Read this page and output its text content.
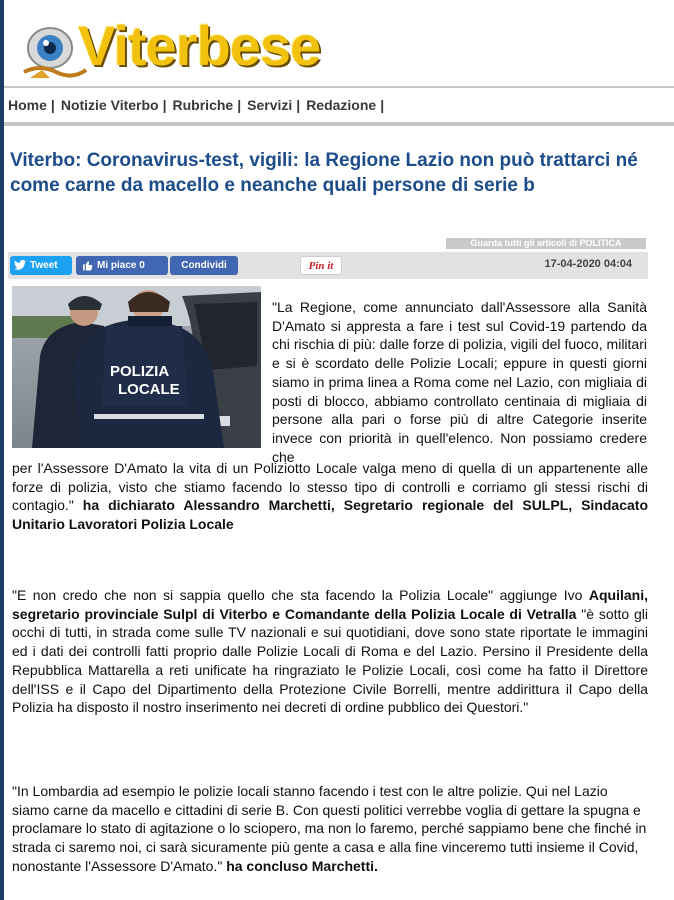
Viterbese
Home | Notizie Viterbo | Rubriche | Servizi | Redazione |
Viterbo: Coronavirus-test, vigili: la Regione Lazio non può trattarci né come carne da macello e neanche quali persone di serie b
Guarda tutti gli articoli di POLITICA
Tweet	Mi piace 0	Condividi	Pin it	17-04-2020 04:04
POLIZIA
LOCALE

"La Regione, come annunciato dall'Assessore alla Sanità D'Amato si appresta a fare i test sul Covid-19 partendo da chi rischia di più: dalle forze di polizia, vigili del fuoco, militari e si è scordato delle Polizie Locali; eppure in questi giorni siamo in prima linea a Roma come nel Lazio, con migliaia di posti di blocco, abbiamo controllato centinaia di migliaia di persone alla pari o forse più di altre Categorie inserite invece con priorità in quell'elenco. Non possiamo credere che

per l'Assessore D'Amato la vita di un Poliziotto Locale valga meno di quella di un appartenente alle forze di polizia, visto che stiamo facendo lo stesso tipo di controlli e corriamo gli stessi rischi di contagio." ha dichiarato Alessandro Marchetti, Segretario regionale del SULPL, Sindacato Unitario Lavoratori Polizia Locale

"E non credo che non si sappia quello che sta facendo la Polizia Locale" aggiunge Ivo Aquilani, segretario provinciale Sulpl di Viterbo e Comandante della Polizia Locale di Vetralla "è sotto gli occhi di tutti, in strada come sulle TV nazionali e sui quotidiani, dove sono state riportate le immagini ed i dati dei controlli fatti proprio dalle Polizie Locali di Roma e del Lazio. Persino il Presidente della Repubblica Mattarella a reti unificate ha ringraziato le Polizie Locali, così come ha fatto il Direttore dell'ISS e il Capo del Dipartimento della Protezione Civile Borrelli, mentre addirittura il Capo della Polizia ha disposto il nostro inserimento nei decreti di ordine pubblico dei Questori."

"In Lombardia ad esempio le polizie locali stanno facendo i test con le altre polizie. Qui nel Lazio siamo carne da macello e cittadini di serie B. Con questi politici verrebbe voglia di gettare la spugna e proclamare lo stato di agitazione o lo sciopero, ma non lo faremo, perché sappiamo bene che finché in strada ci saremo noi, ci sarà sicuramente più gente a casa e alla fine vinceremo tutti insieme il Covid, nonostante l'Assessore D'Amato." ha concluso Marchetti.
